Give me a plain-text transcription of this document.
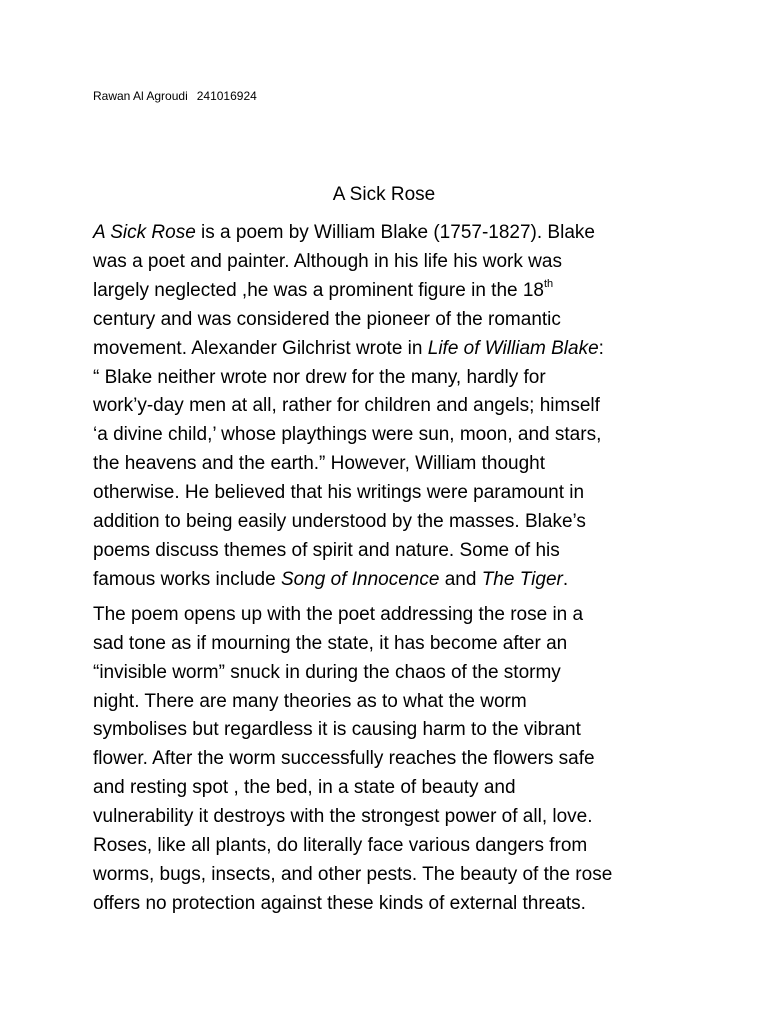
Rawan Al Agroudi 241016924
A Sick Rose

A Sick Rose is a poem by William Blake (1757-1827). Blake
was a poet and painter. Although in his life his work was
largely neglected ,he was a prominent figure in the 18th
century and was considered the pioneer of the romantic
movement. Alexander Gilchrist wrote in Life of William Blake:
“ Blake neither wrote nor drew for the many, hardly for
work’y-day men at all, rather for children and angels; himself
‘a divine child,’ whose playthings were sun, moon, and stars,
the heavens and the earth.” However, William thought
otherwise. He believed that his writings were paramount in
addition to being easily understood by the masses. Blake’s
poems discuss themes of spirit and nature. Some of his
famous works include Song of Innocence and The Tiger.

The poem opens up with the poet addressing the rose in a
sad tone as if mourning the state, it has become after an
“invisible worm” snuck in during the chaos of the stormy
night. There are many theories as to what the worm
symbolises but regardless it is causing harm to the vibrant
flower. After the worm successfully reaches the flowers safe
and resting spot , the bed, in a state of beauty and
vulnerability it destroys with the strongest power of all, love.
Roses, like all plants, do literally face various dangers from
worms, bugs, insects, and other pests. The beauty of the rose
offers no protection against these kinds of external threats.
